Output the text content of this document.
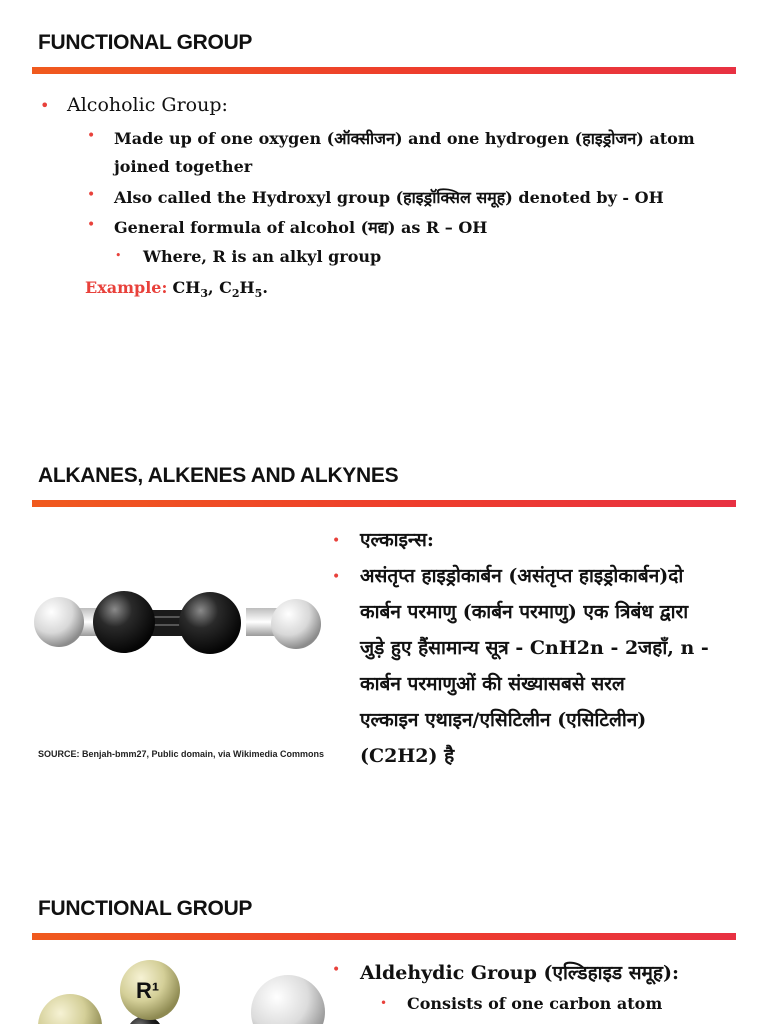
FUNCTIONAL GROUP
• Alcoholic Group:
• Made up of one oxygen (ऑक्सीजन) and one hydrogen (हाइड्रोजन) atom
joined together
• Also called the Hydroxyl group (हाइड्रॉक्सिल समूह) denoted by - OH
• General formula of alcohol (मद्य) as R – OH
• Where, R is an alkyl group
Example: $CH_3$, $C_2H_5$.
ALKANES, ALKENES AND ALKYNES
SOURCE: Benjah-bmm27, Public domain, via Wikimedia Commons
• एल्काइन्स:
• असंतृप्त हाइड्रोकार्बन (असंतृप्त हाइड्रोकार्बन)दो
कार्बन परमाणु (कार्बन परमाणु) एक त्रिबंध द्वारा
जुड़े हुए हैंसामान्य सूत्र - CnH2n - 2जहाँ, n -
कार्बन परमाणुओं की संख्यासबसे सरल
एल्काइन एथाइन/एसिटिलीन (एसिटिलीन)
(C2H2) है
FUNCTIONAL GROUP
R¹
• Aldehydic Group (एल्डिहाइड समूह):
• Consists of one carbon atom
